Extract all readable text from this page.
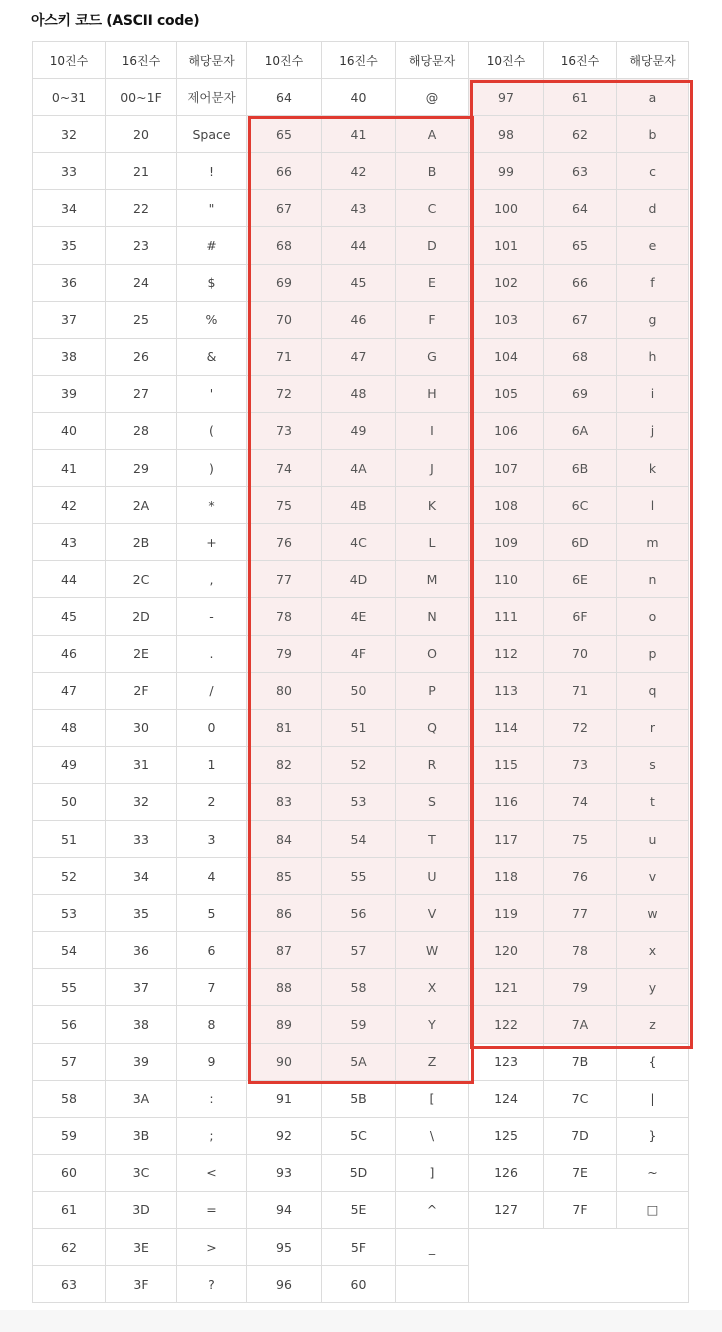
아스키 코드 (ASCII code)
10진수	16진수	해당문자	10진수	16진수	해당문자	10진수	16진수	해당문자
0~31	00~1F	제어문자	64	40	@	97	61	a
32	20	Space	65	41	A	98	62	b
33	21	!	66	42	B	99	63	c
34	22	"	67	43	C	100	64	d
35	23	#	68	44	D	101	65	e
36	24	$	69	45	E	102	66	f
37	25	%	70	46	F	103	67	g
38	26	&	71	47	G	104	68	h
39	27	'	72	48	H	105	69	i
40	28	(	73	49	I	106	6A	j
41	29	)	74	4A	J	107	6B	k
42	2A	*	75	4B	K	108	6C	l
43	2B	+	76	4C	L	109	6D	m
44	2C	,	77	4D	M	110	6E	n
45	2D	-	78	4E	N	111	6F	o
46	2E	.	79	4F	O	112	70	p
47	2F	/	80	50	P	113	71	q
48	30	0	81	51	Q	114	72	r
49	31	1	82	52	R	115	73	s
50	32	2	83	53	S	116	74	t
51	33	3	84	54	T	117	75	u
52	34	4	85	55	U	118	76	v
53	35	5	86	56	V	119	77	w
54	36	6	87	57	W	120	78	x
55	37	7	88	58	X	121	79	y
56	38	8	89	59	Y	122	7A	z
57	39	9	90	5A	Z	123	7B	{
58	3A	:	91	5B	[	124	7C	|
59	3B	;	92	5C	\	125	7D	}
60	3C	<	93	5D	]	126	7E	~
61	3D	=	94	5E	^	127	7F	□
62	3E	>	95	5F	_			
63	3F	?	96	60				
